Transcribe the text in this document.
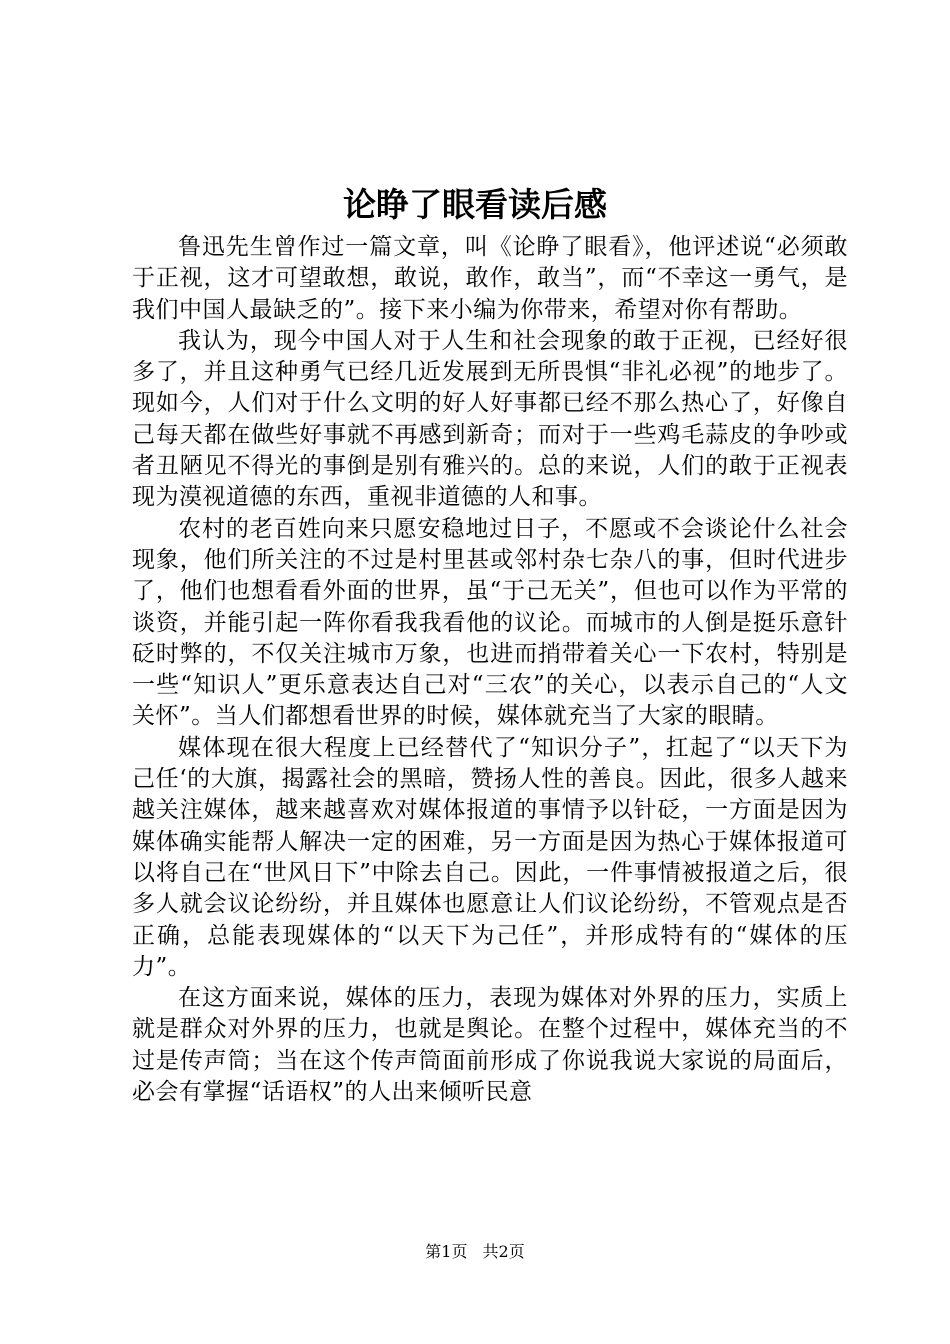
论睁了眼看读后感

鲁迅先生曾作过一篇文章，叫《论睁了眼看》，他评述说“必须敢于正视，这才可望敢想，敢说，敢作，敢当”，而“不幸这一勇气，是我们中国人最缺乏的”。接下来小编为你带来，希望对你有帮助。

我认为，现今中国人对于人生和社会现象的敢于正视，已经好很多了，并且这种勇气已经几近发展到无所畏惧“非礼必视”的地步了。现如今，人们对于什么文明的好人好事都已经不那么热心了，好像自己每天都在做些好事就不再感到新奇；而对于一些鸡毛蒜皮的争吵或者丑陋见不得光的事倒是别有雅兴的。总的来说，人们的敢于正视表现为漠视道德的东西，重视非道德的人和事。

农村的老百姓向来只愿安稳地过日子，不愿或不会谈论什么社会现象，他们所关注的不过是村里甚或邻村杂七杂八的事，但时代进步了，他们也想看看外面的世界，虽“于己无关”，但也可以作为平常的谈资，并能引起一阵你看我我看他的议论。而城市的人倒是挺乐意针砭时弊的，不仅关注城市万象，也进而捎带着关心一下农村，特别是一些“知识人”更乐意表达自己对“三农”的关心，以表示自己的“人文关怀”。当人们都想看世界的时候，媒体就充当了大家的眼睛。

媒体现在很大程度上已经替代了“知识分子”，扛起了“以天下为己任‘的大旗，揭露社会的黑暗，赞扬人性的善良。因此，很多人越来越关注媒体，越来越喜欢对媒体报道的事情予以针砭，一方面是因为媒体确实能帮人解决一定的困难，另一方面是因为热心于媒体报道可以将自己在“世风日下”中除去自己。因此，一件事情被报道之后，很多人就会议论纷纷，并且媒体也愿意让人们议论纷纷，不管观点是否正确，总能表现媒体的“以天下为己任”，并形成特有的“媒体的压力”。

在这方面来说，媒体的压力，表现为媒体对外界的压力，实质上就是群众对外界的压力，也就是舆论。在整个过程中，媒体充当的不过是传声筒；当在这个传声筒面前形成了你说我说大家说的局面后，必会有掌握“话语权”的人出来倾听民意

第1页 共2页
